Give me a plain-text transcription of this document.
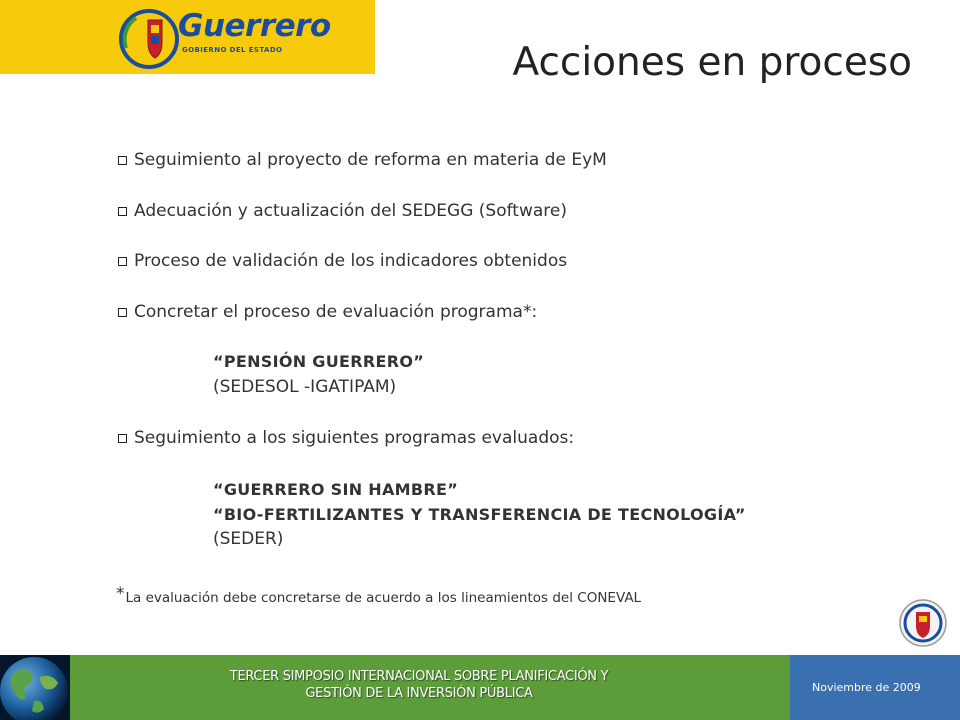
Guerrero
GOBIERNO DEL ESTADO	Acciones en proceso
Seguimiento al proyecto de reforma en materia de EyM
Adecuación y actualización del SEDEGG (Software)
Proceso de validación de los indicadores obtenidos
Concretar el proceso de evaluación programa*:
“PENSIÓN GUERRERO”
(SEDESOL -IGATIPAM)
Seguimiento a los siguientes programas evaluados:
“GUERRERO SIN HAMBRE”
“BIO-FERTILIZANTES Y TRANSFERENCIA DE TECNOLOGÍA”
(SEDER)
*La evaluación debe concretarse de acuerdo a los lineamientos del CONEVAL
TERCER SIMPOSIO INTERNACIONAL SOBRE PLANIFICACIÓN Y
GESTIÓN DE LA INVERSIÓN PÚBLICA	Noviembre de 2009
